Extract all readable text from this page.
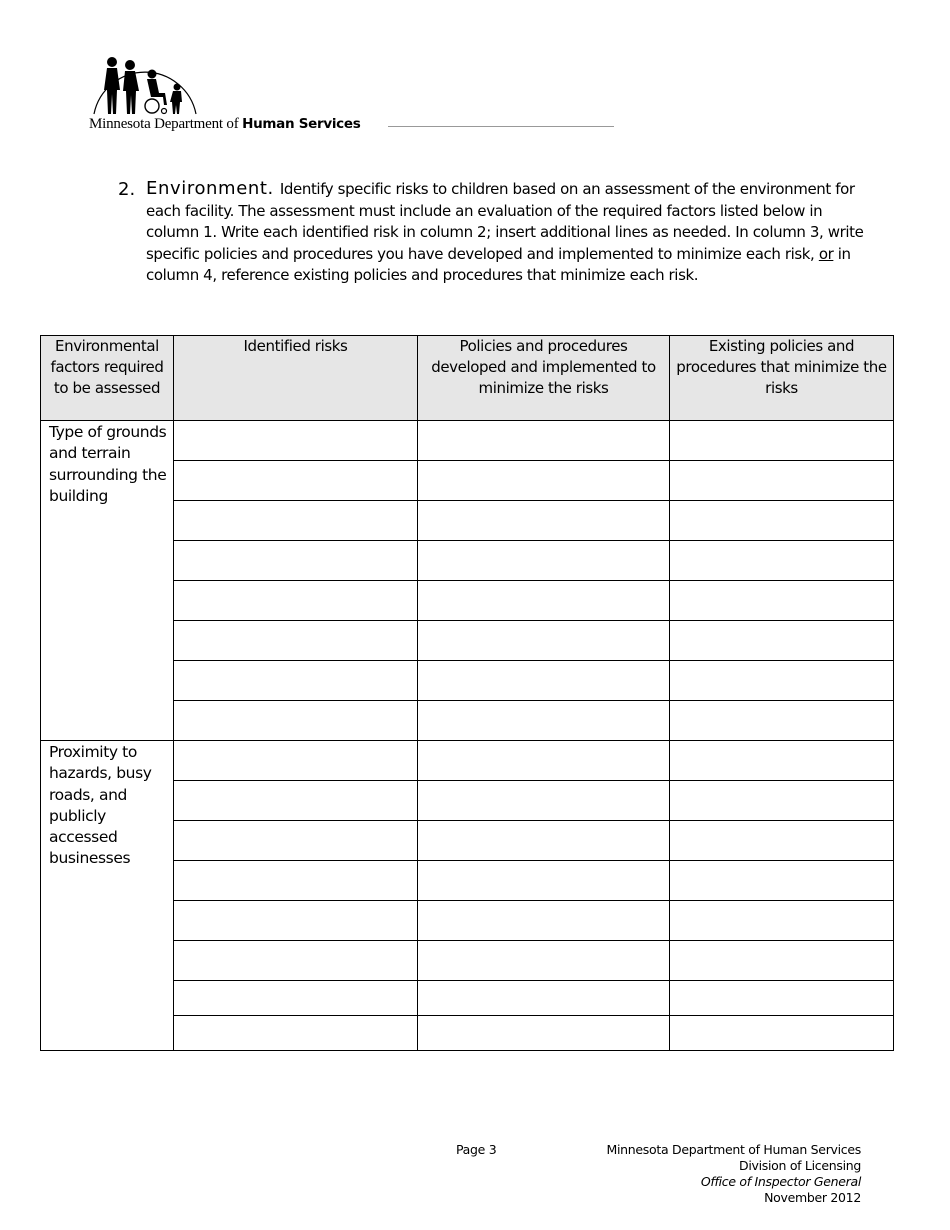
Minnesota Department of Human Services
2. Environment. Identify specific risks to children based on an assessment of the environment for each facility. The assessment must include an evaluation of the required factors listed below in column 1. Write each identified risk in column 2; insert additional lines as needed. In column 3, write specific policies and procedures you have developed and implemented to minimize each risk, or in column 4, reference existing policies and procedures that minimize each risk.
Environmental factors required to be assessed	Identified risks	Policies and procedures developed and implemented to minimize the risks	Existing policies and procedures that minimize the risks
Type of grounds and terrain surrounding the building			

Proximity to hazards, busy roads, and publicly accessed businesses			

Page 3	Minnesota Department of Human Services
Division of Licensing
Office of Inspector General
November 2012
